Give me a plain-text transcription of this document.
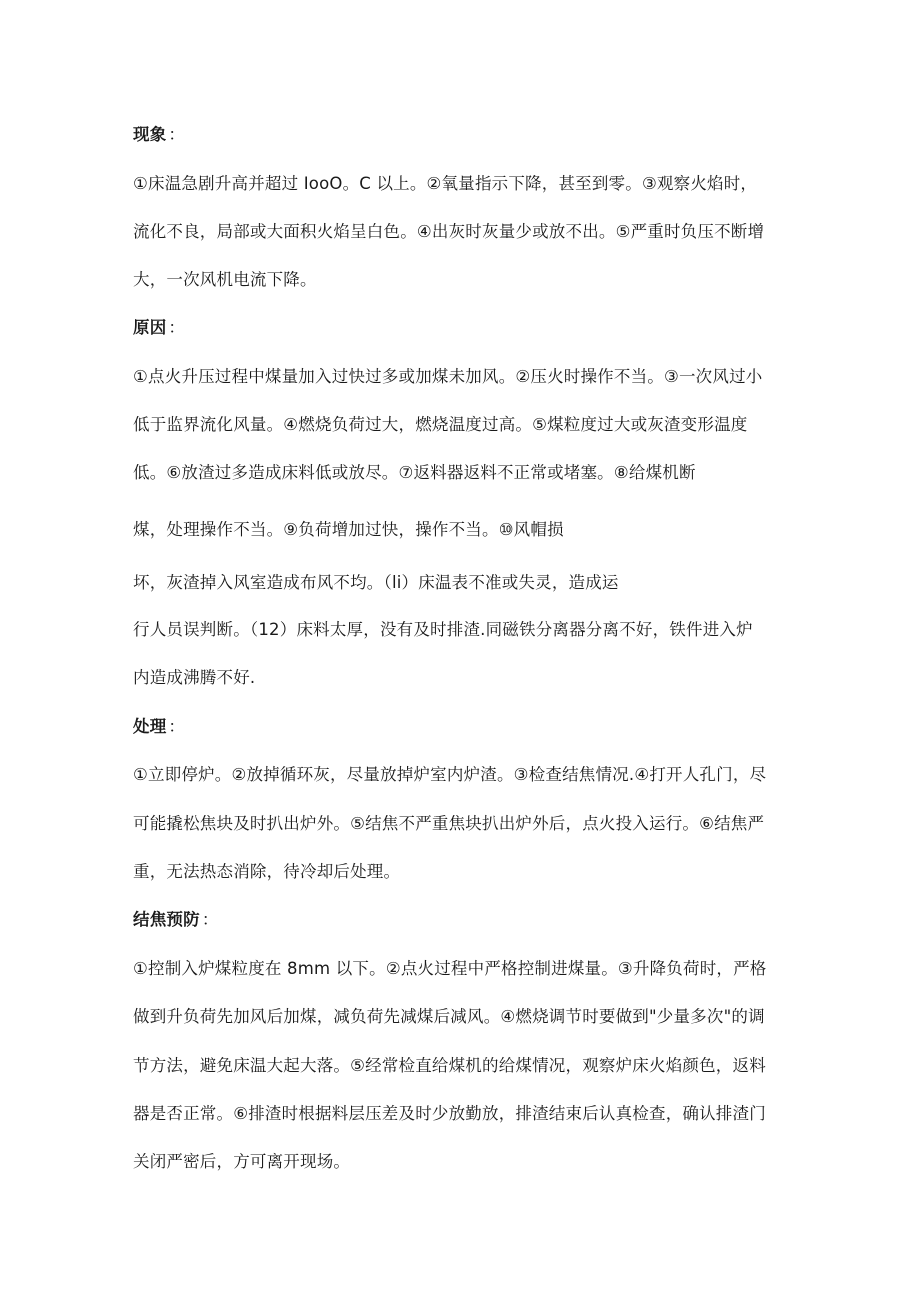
现象 ：
①床温急剧升高并超过 IooO。C 以上。②氧量指示下降，甚至到零。③观察火焰时，
流化不良，局部或大面积火焰呈白色。④出灰时灰量少或放不出。⑤严重时负压不断增
大，一次风机电流下降。
原因 ：
①点火升压过程中煤量加入过快过多或加煤未加风。②压火时操作不当。③一次风过小
低于监界流化风量。④燃烧负荷过大，燃烧温度过高。⑤煤粒度过大或灰渣变形温度
低。⑥放渣过多造成床料低或放尽。⑦返料器返料不正常或堵塞。⑧给煤机断
煤，处理操作不当。⑨负荷增加过快，操作不当。⑩风帽损
坏，灰渣掉入风室造成布风不均。（li）床温表不准或失灵，造成运
行人员误判断。（12）床料太厚，没有及时排渣.同磁铁分离器分离不好，铁件进入炉
内造成沸腾不好.
处理 ：
①立即停炉。②放掉循环灰，尽量放掉炉室内炉渣。③检查结焦情况.④打开人孔门，尽
可能撬松焦块及时扒出炉外。⑤结焦不严重焦块扒出炉外后，点火投入运行。⑥结焦严
重，无法热态消除，待冷却后处理。
结焦预防 ：
①控制入炉煤粒度在 8mm 以下。②点火过程中严格控制进煤量。③升降负荷时，严格
做到升负荷先加风后加煤，减负荷先减煤后减风。④燃烧调节时要做到"少量多次"的调
节方法，避免床温大起大落。⑤经常检直给煤机的给煤情况，观察炉床火焰颜色，返料
器是否正常。⑥排渣时根据料层压差及时少放勤放，排渣结束后认真检查，确认排渣门
关闭严密后，方可离开现场。
